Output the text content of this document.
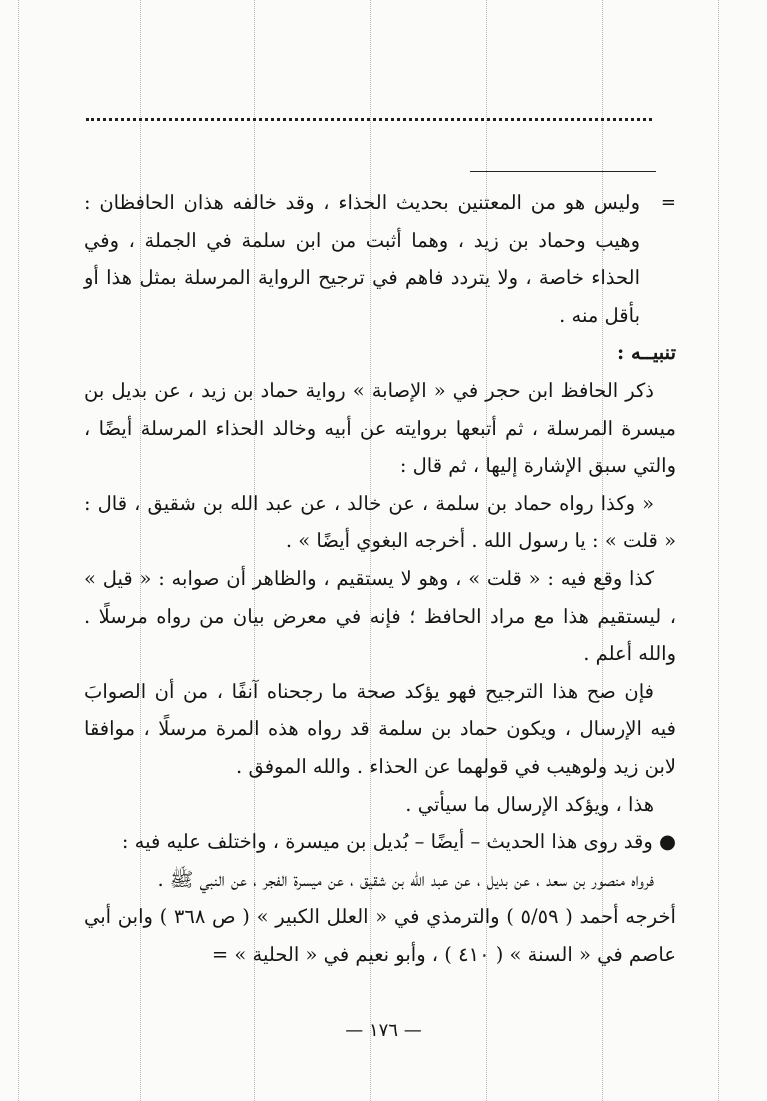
=
وليس هو من المعتنين بحديث الحذاء ، وقد خالفه هذان الحافظان : وهيب وحماد بن زيد ، وهما أثبت من ابن سلمة في الجملة ، وفي الحذاء خاصة ، ولا يتردد فاهم في ترجيح الرواية المرسلة بمثل هذا أو بأقل منه .

تنبيــه :

ذكر الحافظ ابن حجر في « الإصابة » رواية حماد بن زيد ، عن بديل بن ميسرة المرسلة ، ثم أتبعها بروايته عن أبيه وخالد الحذاء المرسلة أيضًا ، والتي سبق الإشارة إليها ، ثم قال :

« وكذا رواه حماد بن سلمة ، عن خالد ، عن عبد الله بن شقيق ، قال : « قلت » : يا رسول الله . أخرجه البغوي أيضًا » .

كذا وقع فيه : « قلت » ، وهو لا يستقيم ، والظاهر أن صوابه : « قيل » ، ليستقيم هذا مع مراد الحافظ ؛ فإنه في معرض بيان من رواه مرسلًا . والله أعلم .

فإن صح هذا الترجيح فهو يؤكد صحة ما رجحناه آنفًا ، من أن الصوابَ فيه الإرسال ، ويكون حماد بن سلمة قد رواه هذه المرة مرسلًا ، موافقا لابن زيد ولوهيب في قولهما عن الحذاء . والله الموفق .

هذا ، ويؤكد الإرسال ما سيأتي .

● وقد روى هذا الحديث – أيضًا – بُديل بن ميسرة ، واختلف عليه فيه :

فرواه منصور بن سعد ، عن بديل ، عن عبد الله بن شقيق ، عن ميسرة الفجر ، عن النبي ﷺ .

أخرجه أحمد ( ٥/٥٩ ) والترمذي في « العلل الكبير » ( ص ٣٦٨ ) وابن أبي عاصم في « السنة » ( ٤١٠ ) ، وأبو نعيم في « الحلية » =

— ١٧٦ —
